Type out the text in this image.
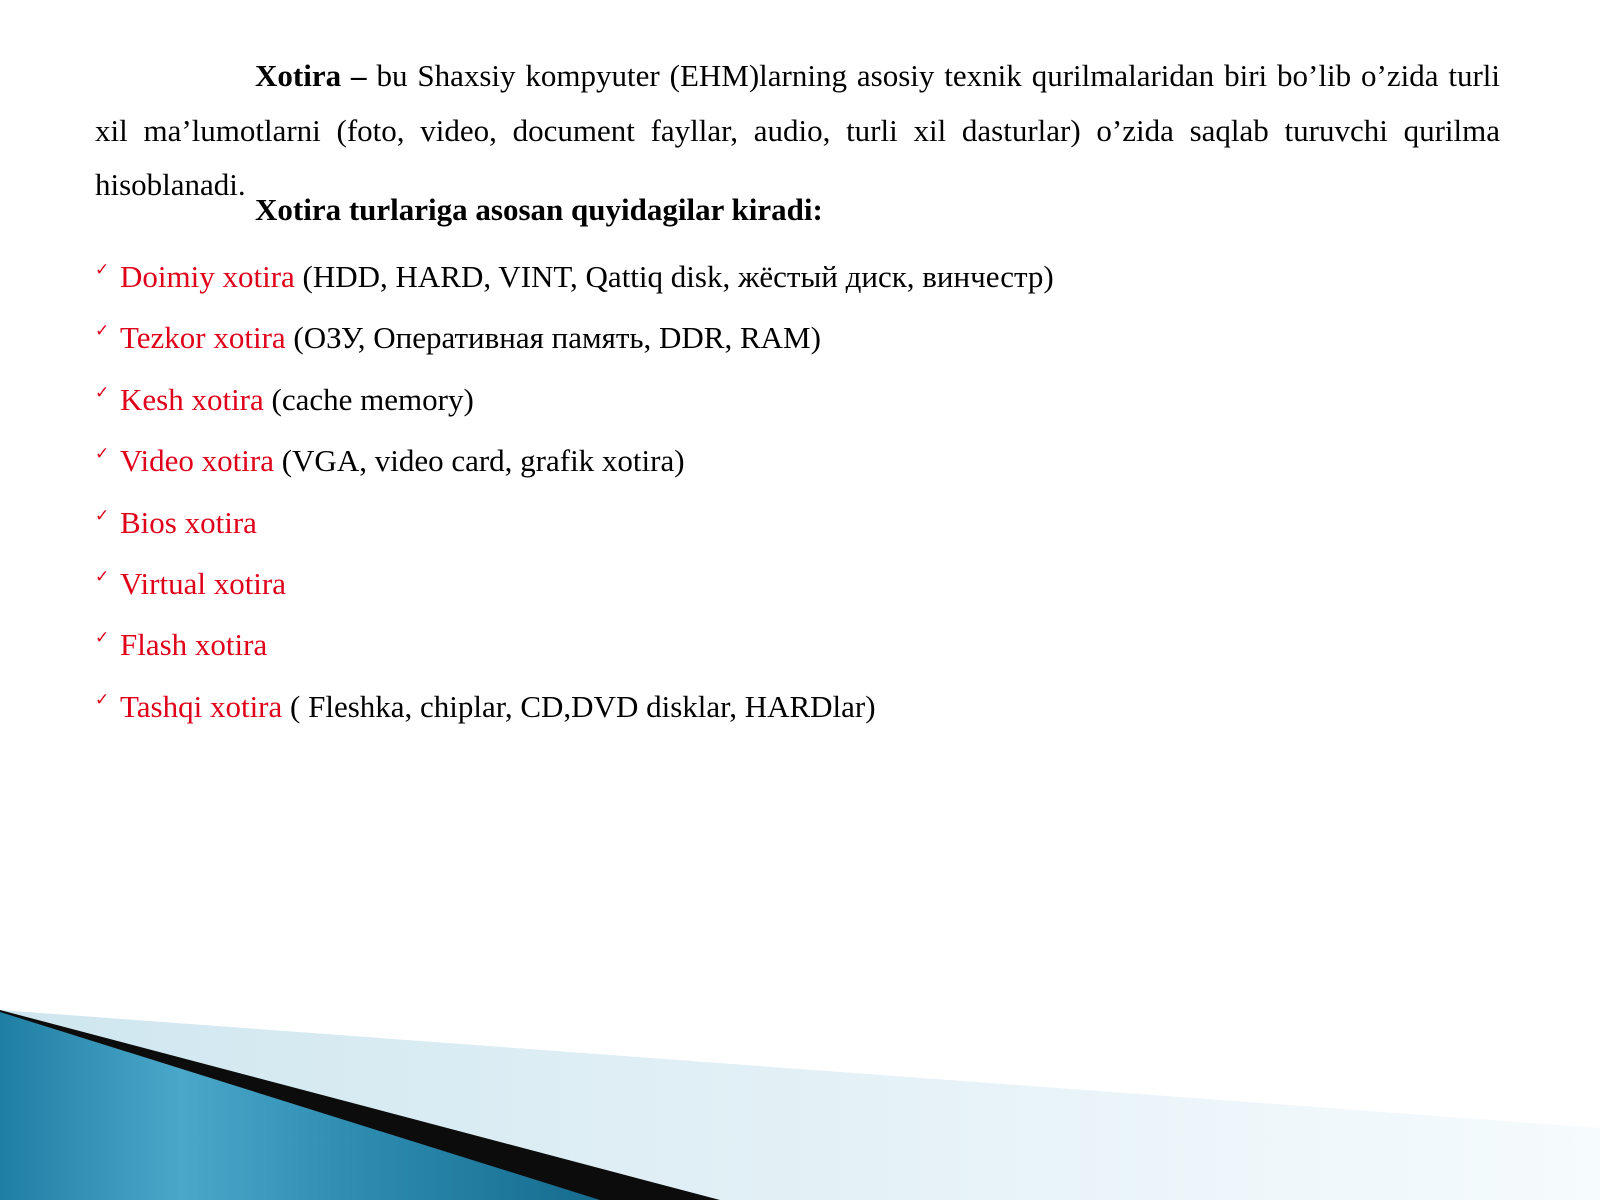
Xotira – bu Shaxsiy kompyuter (EHM)larning asosiy texnik qurilmalaridan biri bo’lib o’zida turli xil ma’lumotlarni (foto, video, document fayllar, audio, turli xil dasturlar) o’zida saqlab turuvchi qurilma hisoblanadi.

Xotira turlariga asosan quyidagilar kiradi:
✓ Doimiy xotira (HDD, HARD, VINT, Qattiq disk, жёстый диск, винчестр)
✓ Tezkor xotira (ОЗУ, Оперативная память, DDR, RAM)
✓ Kesh xotira (cache memory)
✓ Video xotira (VGA, video card, grafik xotira)
✓ Bios xotira
✓ Virtual xotira
✓ Flash xotira
✓ Tashqi xotira ( Fleshka, chiplar, CD,DVD disklar, HARDlar)
